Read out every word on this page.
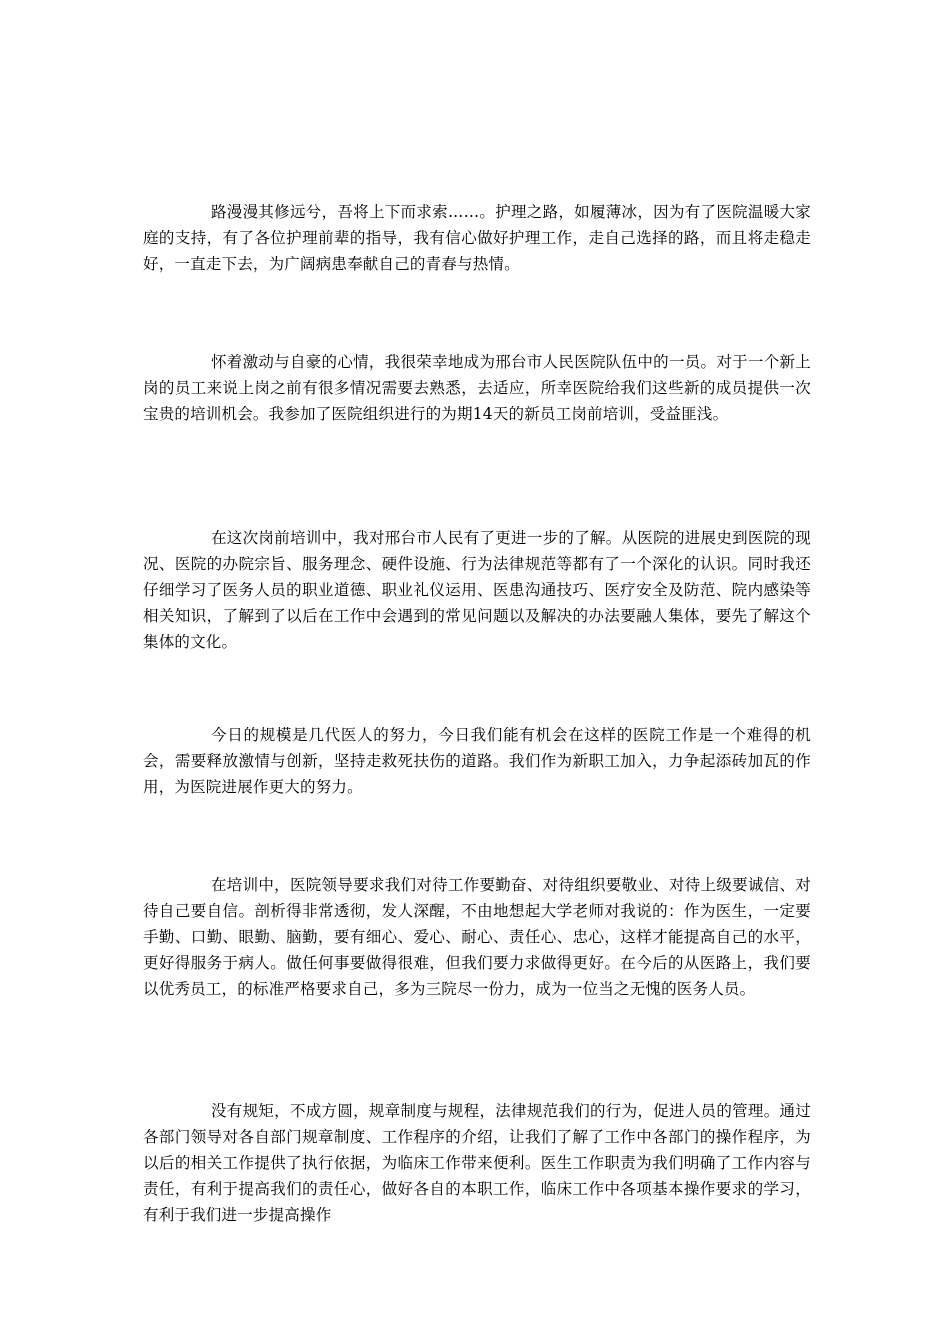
路漫漫其修远兮，吾将上下而求索……。护理之路，如履薄冰，因为有了医院温暖大家庭的支持，有了各位护理前辈的指导，我有信心做好护理工作，走自己选择的路，而且将走稳走好，一直走下去，为广阔病患奉献自己的青春与热情。

怀着激动与自豪的心情，我很荣幸地成为邢台市人民医院队伍中的一员。对于一个新上岗的员工来说上岗之前有很多情况需要去熟悉，去适应，所幸医院给我们这些新的成员提供一次宝贵的培训机会。我参加了医院组织进行的为期14天的新员工岗前培训，受益匪浅。

在这次岗前培训中，我对邢台市人民有了更进一步的了解。从医院的进展史到医院的现况、医院的办院宗旨、服务理念、硬件设施、行为法律规范等都有了一个深化的认识。同时我还仔细学习了医务人员的职业道德、职业礼仪运用、医患沟通技巧、医疗安全及防范、院内感染等相关知识，了解到了以后在工作中会遇到的常见问题以及解决的办法要融人集体，要先了解这个集体的文化。

今日的规模是几代医人的努力，今日我们能有机会在这样的医院工作是一个难得的机会，需要释放激情与创新，坚持走救死扶伤的道路。我们作为新职工加入，力争起添砖加瓦的作用，为医院进展作更大的努力。

在培训中，医院领导要求我们对待工作要勤奋、对待组织要敬业、对待上级要诚信、对待自己要自信。剖析得非常透彻，发人深醒，不由地想起大学老师对我说的：作为医生，一定要手勤、口勤、眼勤、脑勤，要有细心、爱心、耐心、责任心、忠心，这样才能提高自己的水平，更好得服务于病人。做任何事要做得很难，但我们要力求做得更好。在今后的从医路上，我们要以优秀员工，的标准严格要求自己，多为三院尽一份力，成为一位当之无愧的医务人员。

没有规矩，不成方圆，规章制度与规程，法律规范我们的行为，促进人员的管理。通过各部门领导对各自部门规章制度、工作程序的介绍，让我们了解了工作中各部门的操作程序，为以后的相关工作提供了执行依据，为临床工作带来便利。医生工作职责为我们明确了工作内容与责任，有利于提高我们的责任心，做好各自的本职工作，临床工作中各项基本操作要求的学习，有利于我们进一步提高操作
